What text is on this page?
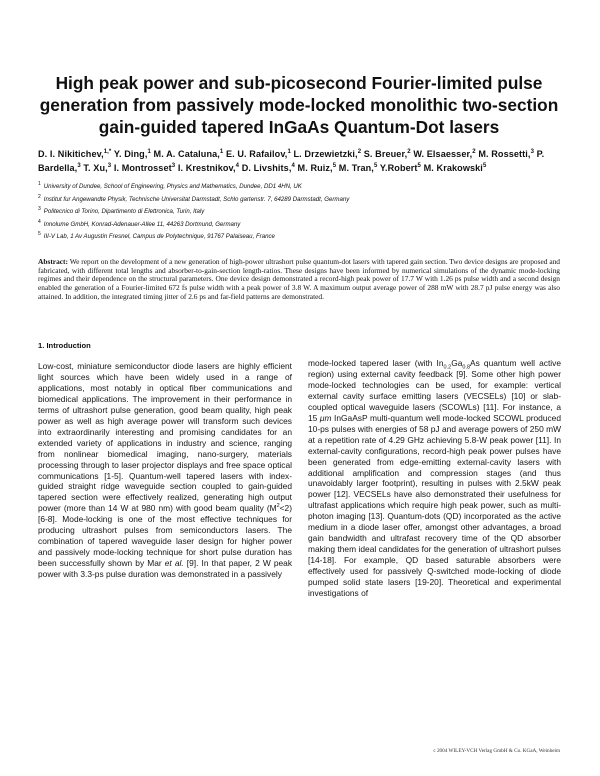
High peak power and sub-picosecond Fourier-limited pulse generation from passively mode-locked monolithic two-section gain-guided tapered InGaAs Quantum-Dot lasers
D. I. Nikitichev,$^{1,*}$ Y. Ding,$^1$ M. A. Cataluna,$^1$ E. U. Rafailov,$^1$ L. Drzewietzki,$^2$ S. Breuer,$^2$ W. Elsaesser,$^2$ M. Rossetti,$^3$ P. Bardella,$^3$ T. Xu,$^3$ I. Montrosset$^3$ I. Krestnikov,$^4$ D. Livshits,$^4$ M. Ruiz,$^5$ M. Tran,$^5$ Y.Robert$^5$ M. Krakowski$^5$
$^1$ University of Dundee, School of Engineering, Physics and Mathematics, Dundee, DD1 4HN, UK
$^2$ Institut fur Angewandte Physik, Technische Universitat Darmstadt, Schlo gartenstr. 7, 64289 Darmstadt, Germany
$^3$ Politecnico di Torino, Dipartimento di Elettronica, Turin, Italy
$^4$ Innolume GmbH, Konrad-Adenauer-Allee 11, 44263 Dortmund, Germany
$^5$ III-V Lab, 1 Av Augustin Fresnel, Campus de Polytechnique, 91767 Palaiseau, France
Abstract: We report on the development of a new generation of high-power ultrashort pulse quantum-dot lasers with tapered gain section. Two device designs are proposed and fabricated, with different total lengths and absorber-to-gain-section length-ratios. These designs have been informed by numerical simulations of the dynamic mode-locking regimes and their dependence on the structural parameters. One device design demonstrated a record-high peak power of 17.7 W with 1.26 ps pulse width and a second design enabled the generation of a Fourier-limited 672 fs pulse width with a peak power of 3.8 W. A maximum output average power of 288 mW with 28.7 pJ pulse energy was also attained. In addition, the integrated timing jitter of 2.6 ps and far-field patterns are demonstrated.
1. Introduction

Low-cost, miniature semiconductor diode lasers are highly efficient light sources which have been widely used in a range of applications, most notably in optical fiber communications and biomedical applications. The improvement in their performance in terms of ultrashort pulse generation, good beam quality, high peak power as well as high average power will transform such devices into extraordinarily interesting and promising candidates for an extended variety of applications in industry and science, ranging from nonlinear biomedical imaging, nano-surgery, materials processing through to laser projector displays and free space optical communications [1-5]. Quantum-well tapered lasers with index-guided straight ridge waveguide section coupled to gain-guided tapered section were effectively realized, generating high output power (more than 14 W at 980 nm) with good beam quality $(M^2<2)$ [6-8]. Mode-locking is one of the most effective techniques for producing ultrashort pulses from semiconductors lasers. The combination of tapered waveguide laser design for higher power and passively mode-locking technique for short pulse duration has been successfully shown by Mar et al. [9]. In that paper, 2 W peak power with 3.3-ps pulse duration was demonstrated in a passively

mode-locked tapered laser (with $In_{0.2}Ga_{0.8}As$ quantum well active region) using external cavity feedback [9]. Some other high power mode-locked technologies can be used, for example: vertical external cavity surface emitting lasers (VECSELs) [10] or slab-coupled optical waveguide lasers (SCOWLs) [11]. For instance, a 15 μm InGaAsP multi-quantum well mode-locked SCOWL produced 10-ps pulses with energies of 58 pJ and average powers of 250 mW at a repetition rate of 4.29 GHz achieving 5.8-W peak power [11]. In external-cavity configurations, record-high peak power pulses have been generated from edge-emitting external-cavity lasers with additional amplification and compression stages (and thus unavoidably larger footprint), resulting in pulses with 2.5kW peak power [12]. VECSELs have also demonstrated their usefulness for ultrafast applications which require high peak power, such as multi-photon imaging [13]. Quantum-dots (QD) incorporated as the active medium in a diode laser offer, amongst other advantages, a broad gain bandwidth and ultrafast recovery time of the QD absorber making them ideal candidates for the generation of ultrashort pulses [14-18]. For example, QD based saturable absorbers were effectively used for passively Q-switched mode-locking of diode pumped solid state lasers [19-20]. Theoretical and experimental investigations of

c 2004 WILEY-VCH Verlag GmbH & Co. KGaA, Weinheim
